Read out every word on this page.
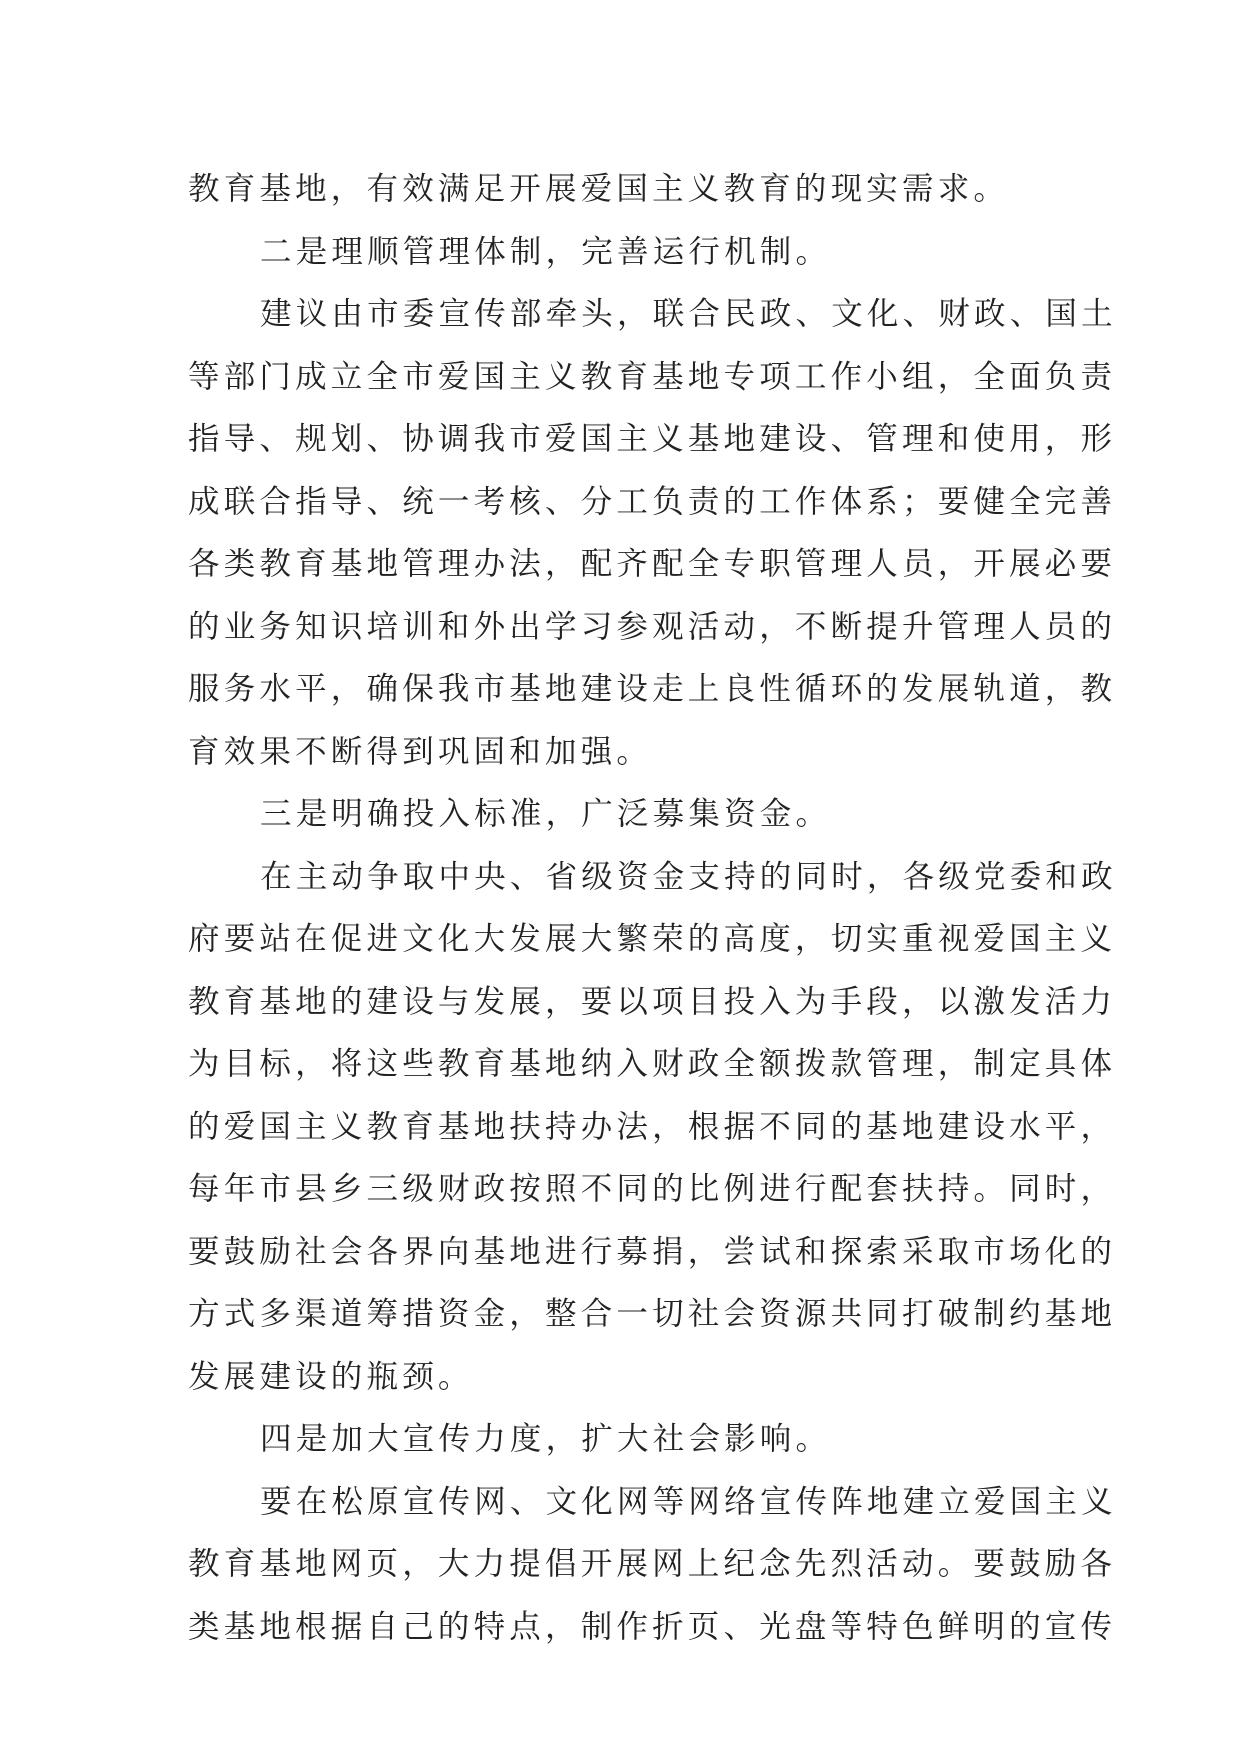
教育基地，有效满足开展爱国主义教育的现实需求。
二是理顺管理体制，完善运行机制。
建议由市委宣传部牵头，联合民政、文化、财政、国土
等部门成立全市爱国主义教育基地专项工作小组，全面负责
指导、规划、协调我市爱国主义基地建设、管理和使用，形
成联合指导、统一考核、分工负责的工作体系；要健全完善
各类教育基地管理办法，配齐配全专职管理人员，开展必要
的业务知识培训和外出学习参观活动，不断提升管理人员的
服务水平，确保我市基地建设走上良性循环的发展轨道，教
育效果不断得到巩固和加强。
三是明确投入标准，广泛募集资金。
在主动争取中央、省级资金支持的同时，各级党委和政
府要站在促进文化大发展大繁荣的高度，切实重视爱国主义
教育基地的建设与发展，要以项目投入为手段，以激发活力
为目标，将这些教育基地纳入财政全额拨款管理，制定具体
的爱国主义教育基地扶持办法，根据不同的基地建设水平，
每年市县乡三级财政按照不同的比例进行配套扶持。同时，
要鼓励社会各界向基地进行募捐，尝试和探索采取市场化的
方式多渠道筹措资金，整合一切社会资源共同打破制约基地
发展建设的瓶颈。
四是加大宣传力度，扩大社会影响。
要在松原宣传网、文化网等网络宣传阵地建立爱国主义
教育基地网页，大力提倡开展网上纪念先烈活动。要鼓励各
类基地根据自己的特点，制作折页、光盘等特色鲜明的宣传
